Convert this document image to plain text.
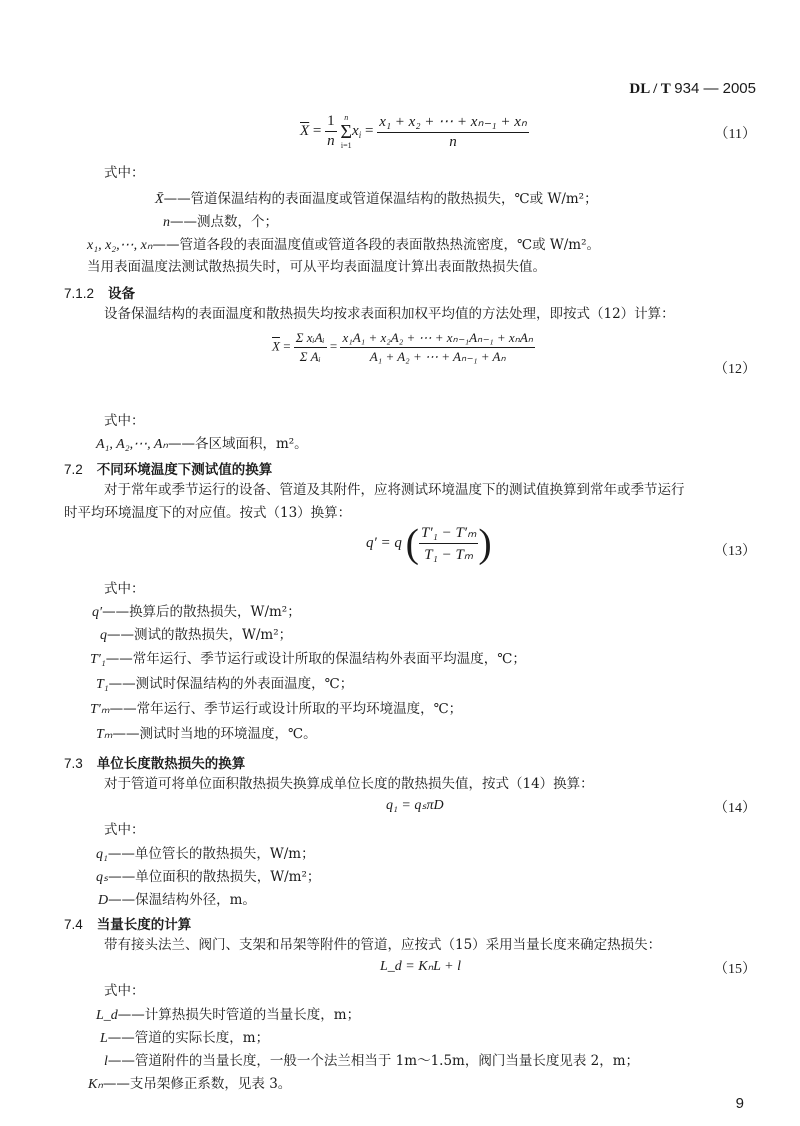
DL / T 934 — 2005
$\overline{X} = \frac{1}{n}$
n
Σ
i=1
$x_i = \frac{\text{x₁ + x₂ + ⋯ + xₙ₋₁ + xₙ}}{n}$	（11）
式中：
X̄——管道保温结构的表面温度或管道保温结构的散热损失，℃或 W/m²；
n——测点数，个；
x₁, x₂,⋯, xₙ——管道各段的表面温度值或管道各段的表面散热热流密度，℃或 W/m²。
当用表面温度法测试散热损失时，可从平均表面温度计算出表面散热损失值。
7.1.2 设备
设备保温结构的表面温度和散热损失均按求表面积加权平均值的方法处理，即按式（12）计算：
$\overline{X} = \frac{\text{Σ xᵢAᵢ}}{\text{Σ Aᵢ}} = \frac{\text{x₁A₁ + x₂A₂ + ⋯ + xₙ₋₁Aₙ₋₁ + xₙAₙ}}{\text{A₁ + A₂ + ⋯ + Aₙ₋₁ + Aₙ}}$
（12）
式中：
A₁, A₂,⋯, Aₙ——各区域面积，m²。
7.2 不同环境温度下测试值的换算
对于常年或季节运行的设备、管道及其附件，应将测试环境温度下的测试值换算到常年或季节运行
时平均环境温度下的对应值。按式（13）换算：
q′ = q ( $\frac{\text{T′₁ − T′ₘ}}{\text{T₁ − Tₘ}}$ )	（13）
式中：
q′——换算后的散热损失，W/m²；
q——测试的散热损失，W/m²；
T′₁——常年运行、季节运行或设计所取的保温结构外表面平均温度，℃；
T₁——测试时保温结构的外表面温度，℃；
T′ₘ——常年运行、季节运行或设计所取的平均环境温度，℃；
Tₘ——测试时当地的环境温度，℃。
7.3 单位长度散热损失的换算
对于管道可将单位面积散热损失换算成单位长度的散热损失值，按式（14）换算：
q₁ = qₛπD	（14）
式中：
q₁——单位管长的散热损失，W/m；
qₛ——单位面积的散热损失，W/m²；
D——保温结构外径，m。
7.4 当量长度的计算
带有接头法兰、阀门、支架和吊架等附件的管道，应按式（15）采用当量长度来确定热损失：
L_d = KₙL + l	（15）
式中：
L_d——计算热损失时管道的当量长度，m；
L——管道的实际长度，m；
l——管道附件的当量长度，一般一个法兰相当于 1m～1.5m，阀门当量长度见表 2，m；
Kₙ——支吊架修正系数，见表 3。
9
